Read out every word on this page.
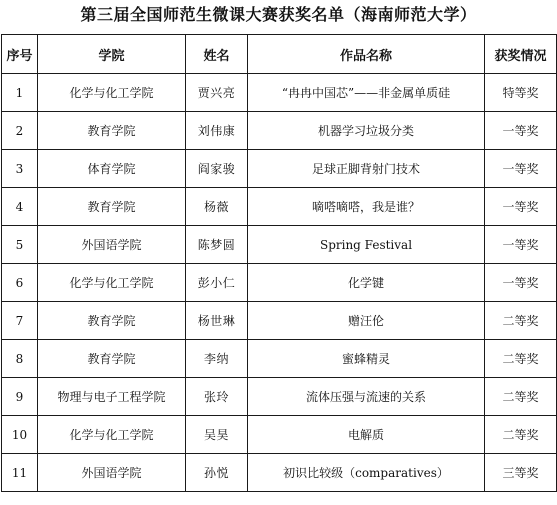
第三届全国师范生微课大赛获奖名单（海南师范大学）
序号	学院	姓名	作品名称	获奖情况
1	化学与化工学院	贾兴亮	“冉冉中国芯”——非金属单质硅	特等奖
2	教育学院	刘伟康	机器学习垃圾分类	一等奖
3	体育学院	阎家骏	足球正脚背射门技术	一等奖
4	教育学院	杨薇	嘀嗒嘀嗒，我是谁？	一等奖
5	外国语学院	陈梦圆	Spring Festival	一等奖
6	化学与化工学院	彭小仁	化学键	一等奖
7	教育学院	杨世琳	赠汪伦	二等奖
8	教育学院	李纳	蜜蜂精灵	二等奖
9	物理与电子工程学院	张玲	流体压强与流速的关系	二等奖
10	化学与化工学院	吴昊	电解质	二等奖
11	外国语学院	孙悦	初识比较级（comparatives）	三等奖
